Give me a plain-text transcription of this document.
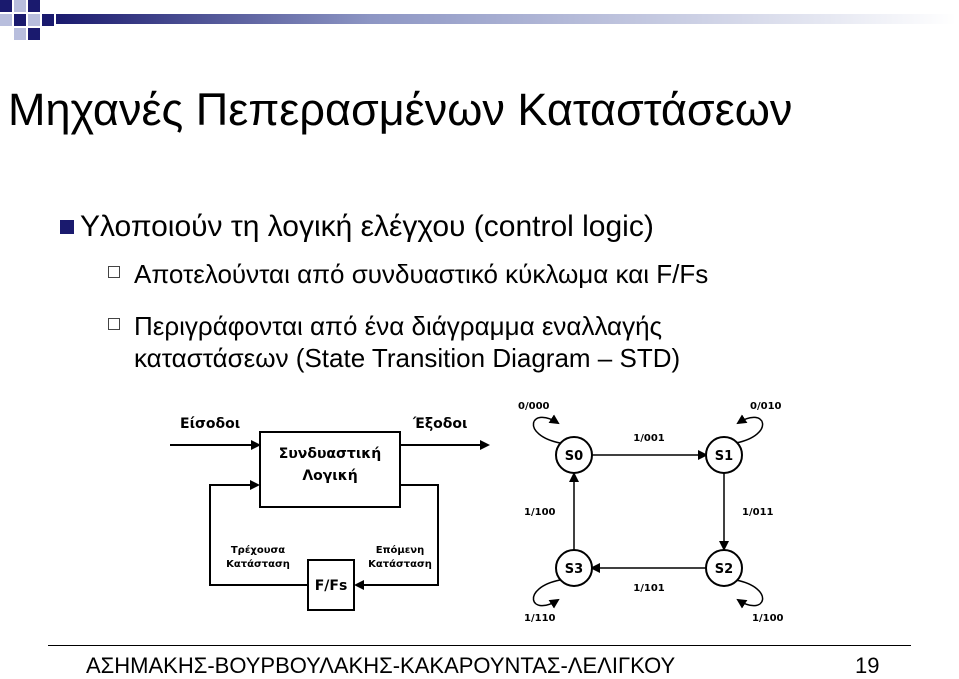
Μηχανές Πεπερασμένων Καταστάσεων
Υλοποιούν τη λογική ελέγχου (control logic)
Αποτελούνται από συνδυαστικό κύκλωμα και F/Fs
Περιγράφονται από ένα διάγραμμα εναλλαγής
καταστάσεων (State Transition Diagram – STD)
Συνδυαστική
Λογική
Είσοδοι	Έξοδοι
F/Fs
Τρέχουσα
Κατάσταση
Επόμενη
Κατάσταση
S0	S1
S2
S3
0/000	0/010
1/001
1/100	1/011
1/101
1/110	1/100
ΑΣΗΜΑΚΗΣ-ΒΟΥΡΒΟΥΛΑΚΗΣ-ΚΑΚΑΡΟΥΝΤΑΣ-ΛΕΛΙΓΚΟΥ	19
